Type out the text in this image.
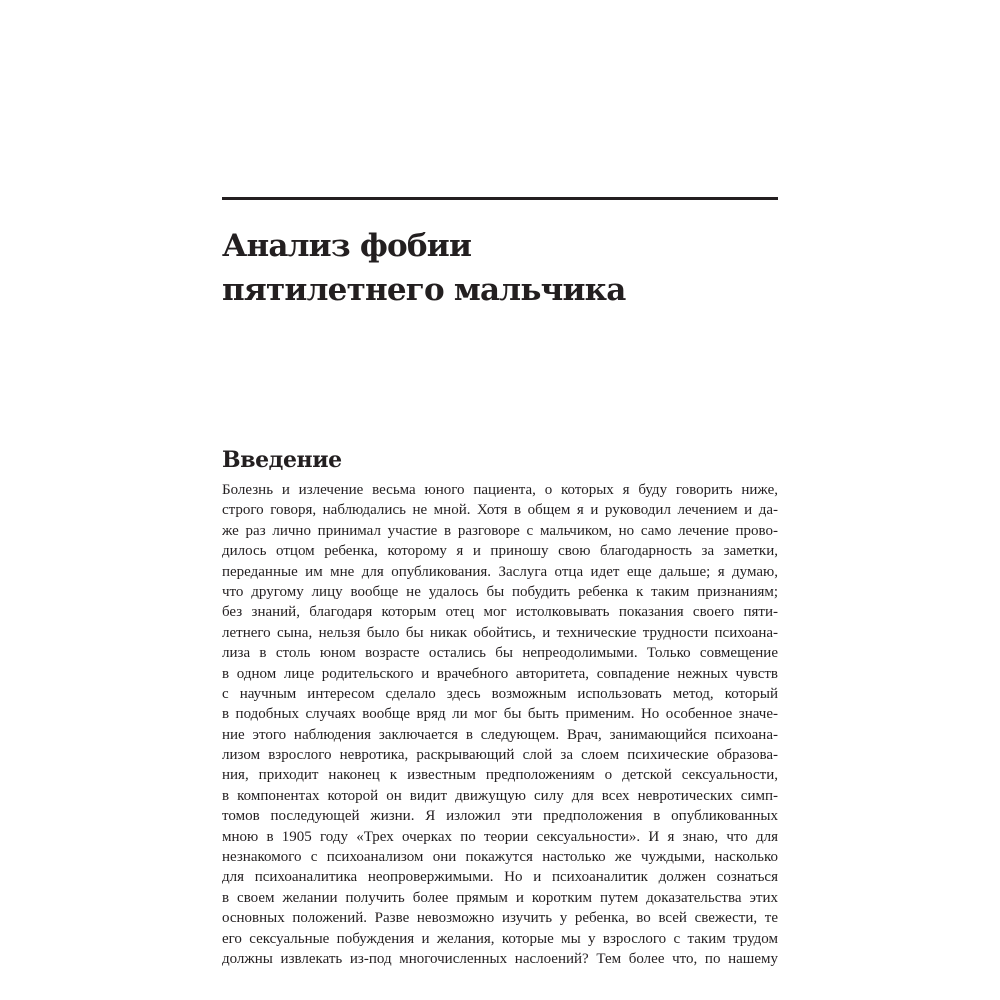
Анализ фобии
пятилетнего мальчика
Введение
Болезнь и излечение весьма юного пациента, о которых я буду говорить ниже,
строго говоря, наблюдались не мной. Хотя в общем я и руководил лечением и да-
же раз лично принимал участие в разговоре с мальчиком, но само лечение прово-
дилось отцом ребенка, которому я и приношу свою благодарность за заметки,
переданные им мне для опубликования. Заслуга отца идет еще дальше; я думаю,
что другому лицу вообще не удалось бы побудить ребенка к таким признаниям;
без знаний, благодаря которым отец мог истолковывать показания своего пяти-
летнего сына, нельзя было бы никак обойтись, и технические трудности психоана-
лиза в столь юном возрасте остались бы непреодолимыми. Только совмещение
в одном лице родительского и врачебного авторитета, совпадение нежных чувств
с научным интересом сделало здесь возможным использовать метод, который
в подобных случаях вообще вряд ли мог бы быть применим. Но особенное значе-
ние этого наблюдения заключается в следующем. Врач, занимающийся психоана-
лизом взрослого невротика, раскрывающий слой за слоем психические образова-
ния, приходит наконец к известным предположениям о детской сексуальности,
в компонентах которой он видит движущую силу для всех невротических симп-
томов последующей жизни. Я изложил эти предположения в опубликованных
мною в 1905 году «Трех очерках по теории сексуальности». И я знаю, что для
незнакомого с психоанализом они покажутся настолько же чуждыми, насколько
для психоаналитика неопровержимыми. Но и психоаналитик должен сознаться
в своем желании получить более прямым и коротким путем доказательства этих
основных положений. Разве невозможно изучить у ребенка, во всей свежести, те
его сексуальные побуждения и желания, которые мы у взрослого с таким трудом
должны извлекать из-под многочисленных наслоений? Тем более что, по нашему
